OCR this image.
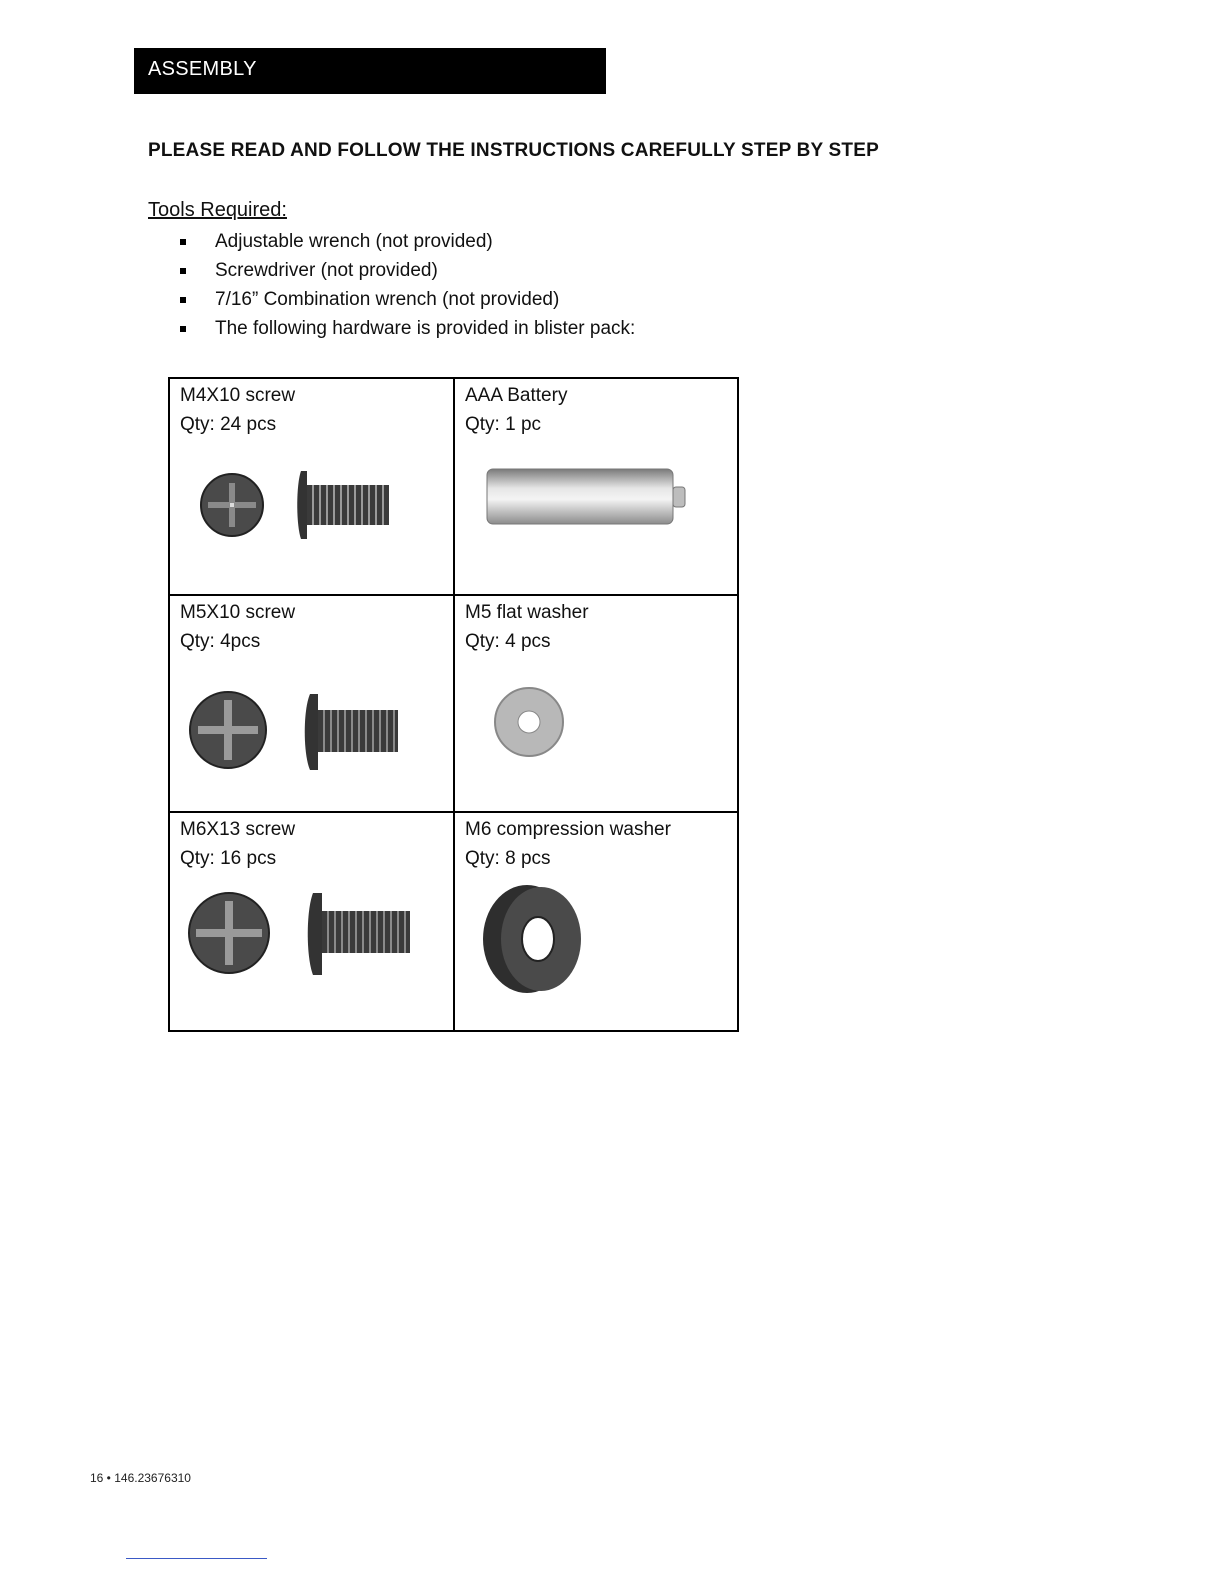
ASSEMBLY
PLEASE READ AND FOLLOW THE INSTRUCTIONS CAREFULLY STEP BY STEP
Tools Required:
Adjustable wrench (not provided)
Screwdriver (not provided)
7/16” Combination wrench (not provided)
The following hardware is provided in blister pack:
M4X10 screw
Qty: 24 pcs
AAA Battery
Qty: 1 pc
M5X10 screw
Qty: 4pcs
M5 flat washer
Qty: 4 pcs
M6X13 screw
Qty: 16 pcs
M6 compression washer
Qty: 8 pcs
16 • 146.23676310
